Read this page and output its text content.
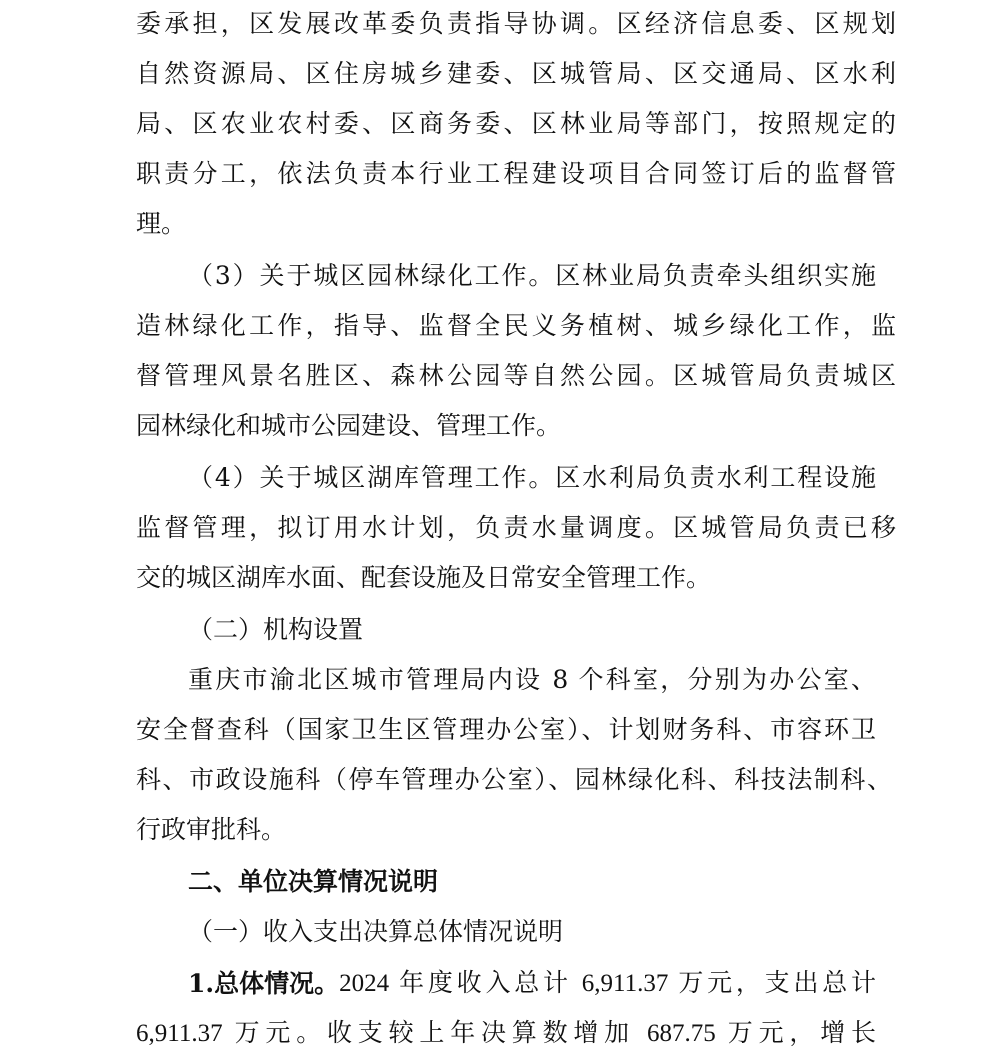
委承担，区发展改革委负责指导协调。区经济信息委、区规划
自然资源局、区住房城乡建委、区城管局、区交通局、区水利
局、区农业农村委、区商务委、区林业局等部门，按照规定的
职责分工，依法负责本行业工程建设项目合同签订后的监督管
理。
（3）关于城区园林绿化工作。区林业局负责牵头组织实施
造林绿化工作，指导、监督全民义务植树、城乡绿化工作，监
督管理风景名胜区、森林公园等自然公园。区城管局负责城区
园林绿化和城市公园建设、管理工作。
（4）关于城区湖库管理工作。区水利局负责水利工程设施
监督管理，拟订用水计划，负责水量调度。区城管局负责已移
交的城区湖库水面、配套设施及日常安全管理工作。
（二）机构设置
重庆市渝北区城市管理局内设 8 个科室，分别为办公室、
安全督查科（国家卫生区管理办公室）、计划财务科、市容环卫
科、市政设施科（停车管理办公室）、园林绿化科、科技法制科、
行政审批科。
二、单位决算情况说明
（一）收入支出决算总体情况说明
1.总体情况。 2024 年度收入总计 6,911.37 万元，支出总计
6,911.37 万元。收支较上年决算数增加 687.75 万元，增长
